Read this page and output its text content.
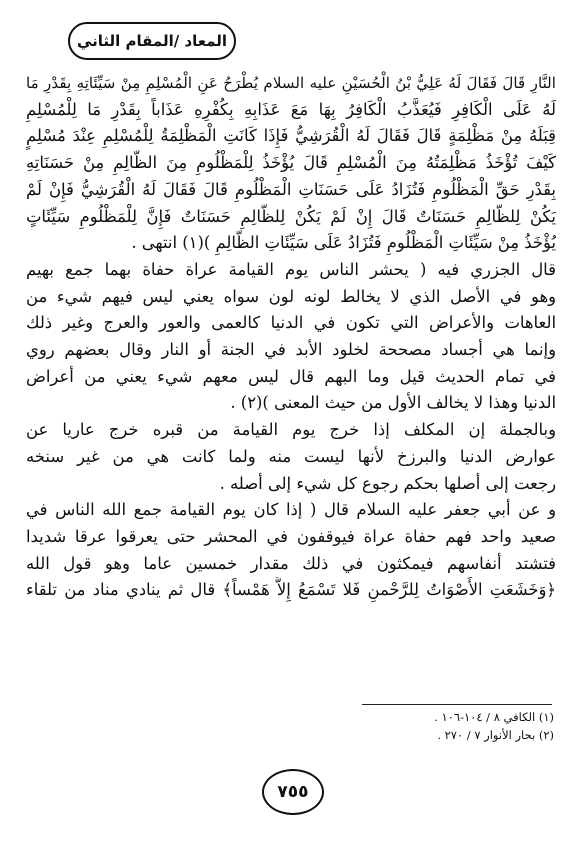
المعاد /المقام الثاني
النَّارِ قَالَ فَقَالَ لَهُ عَلِيُّ بْنُ الْحُسَيْنِ عليه السلام يُطْرَحُ عَنِ الْمُسْلِمِ مِنْ سَيِّئَاتِهِ بِقَدْرِ مَا
لَهُ عَلَى الْكَافِرِ فَيُعَذَّبُ الْكَافِرُ بِهَا مَعَ عَذَابِهِ بِكُفْرِهِ عَذَاباً بِقَدْرِ مَا لِلْمُسْلِمِ
قِبَلَهُ مِنْ مَظْلِمَةٍ قَالَ فَقَالَ لَهُ الْقُرَشِيُّ فَإِذَا كَانَتِ الْمَظْلِمَةُ لِلْمُسْلِمِ عِنْدَ مُسْلِمٍ
كَيْفَ تُؤْخَذُ مَظْلِمَتُهُ مِنَ الْمُسْلِمِ قَالَ يُؤْخَذُ لِلْمَظْلُومِ مِنَ الظَّالِمِ مِنْ حَسَنَاتِهِ
بِقَدْرِ حَقِّ الْمَظْلُومِ فَتُزَادُ عَلَى حَسَنَاتِ الْمَظْلُومِ قَالَ فَقَالَ لَهُ الْقُرَشِيُّ فَإِنْ لَمْ
يَكُنْ لِلظَّالِمِ حَسَنَاتٌ قَالَ إِنْ لَمْ يَكُنْ لِلظَّالِمِ حَسَنَاتٌ فَإِنَّ لِلْمَظْلُومِ سَيِّئَاتٍ
يُؤْخَذُ مِنْ سَيِّئَاتِ الْمَظْلُومِ فَتُزَادُ عَلَى سَيِّئَاتِ الظَّالِمِ )(١) انتهى .
قال الجزري فيه ( يحشر الناس يوم القيامة عراة حفاة بهما جمع بهيم
وهو في الأصل الذي لا يخالط لونه لون سواه يعني ليس فيهم شيء من
العاهات والأعراض التي تكون في الدنيا كالعمى والعور والعرج وغير ذلك
وإنما هي أجساد مصححة لخلود الأبد في الجنة أو النار وقال بعضهم روي
في تمام الحديث قيل وما البهم قال ليس معهم شيء يعني من أعراض
الدنيا وهذا لا يخالف الأول من حيث المعنى )(٢) .
وبالجملة إن المكلف إذا خرج يوم القيامة من قبره خرج عاريا عن
عوارض الدنيا والبرزخ لأنها ليست منه ولما كانت هي من غير سنخه
رجعت إلى أصلها بحكم رجوع كل شيء إلى أصله .
و عن أبي جعفر عليه السلام قال ( إذا كان يوم القيامة جمع الله الناس في
صعيد واحد فهم حفاة عراة فيوقفون في المحشر حتى يعرقوا عرقا شديدا
فتشتد أنفاسهم فيمكثون في ذلك مقدار خمسين عاما وهو قول الله
﴿وَخَشَعَتِ الأَصْوَاتُ لِلرَّحْمنِ فَلا تَسْمَعُ إِلاَّ هَمْساً﴾ قال ثم ينادي مناد من تلقاء
(١) الكافي ٨ / ١٠٤-١٠٦ .
(٢) بحار الأنوار ٧ / ٢٧٠ .
٧٥٥
